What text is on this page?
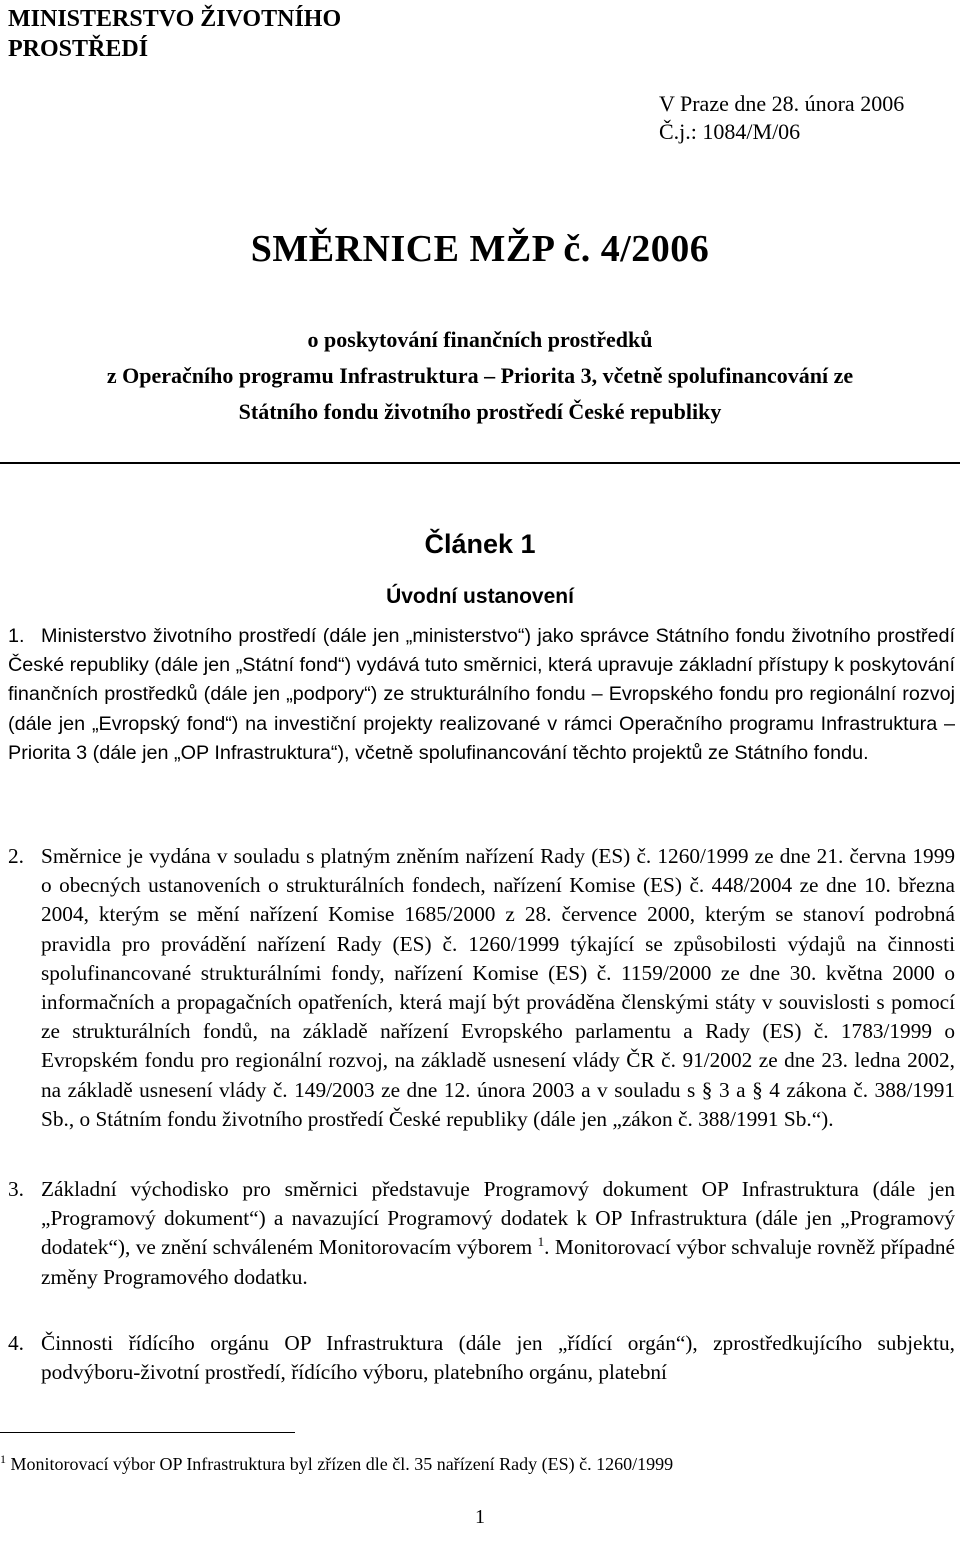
MINISTERSTVO ŽIVOTNÍHO
PROSTŘEDÍ
V Praze dne 28. února 2006
Č.j.: 1084/M/06
SMĚRNICE MŽP č. 4/2006
o poskytování finančních prostředků
z Operačního programu Infrastruktura – Priorita 3, včetně spolufinancování ze
Státního fondu životního prostředí České republiky
Článek 1
Úvodní ustanovení
1. Ministerstvo životního prostředí (dále jen „ministerstvo“) jako správce Státního fondu životního prostředí České republiky (dále jen „Státní fond“) vydává tuto směrnici, která upravuje základní přístupy k poskytování finančních prostředků (dále jen „podpory“) ze strukturálního fondu – Evropského fondu pro regionální rozvoj (dále jen „Evropský fond“) na investiční projekty realizované v rámci Operačního programu Infrastruktura – Priorita 3 (dále jen „OP Infrastruktura“), včetně spolufinancování těchto projektů ze Státního fondu.
2. Směrnice je vydána v souladu s platným zněním nařízení Rady (ES) č. 1260/1999 ze dne 21. června 1999 o obecných ustanoveních o strukturálních fondech, nařízení Komise (ES) č. 448/2004 ze dne 10. března 2004, kterým se mění nařízení Komise 1685/2000 z 28. července 2000, kterým se stanoví podrobná pravidla pro provádění nařízení Rady (ES) č. 1260/1999 týkající se způsobilosti výdajů na činnosti spolufinancované strukturálními fondy, nařízení Komise (ES) č. 1159/2000 ze dne 30. května 2000 o informačních a propagačních opatřeních, která mají být prováděna členskými státy v souvislosti s pomocí ze strukturálních fondů, na základě nařízení Evropského parlamentu a Rady (ES) č. 1783/1999 o Evropském fondu pro regionální rozvoj, na základě usnesení vlády ČR č. 91/2002 ze dne 23. ledna 2002, na základě usnesení vlády č. 149/2003 ze dne 12. února 2003 a v souladu s § 3 a § 4 zákona č. 388/1991 Sb., o Státním fondu životního prostředí České republiky (dále jen „zákon č. 388/1991 Sb.“).
3. Základní východisko pro směrnici představuje Programový dokument OP Infrastruktura (dále jen „Programový dokument“) a navazující Programový dodatek k OP Infrastruktura (dále jen „Programový dodatek“), ve znění schváleném Monitorovacím výborem $^1$. Monitorovací výbor schvaluje rovněž případné změny Programového dodatku.
4. Činnosti řídícího orgánu OP Infrastruktura (dále jen „řídící orgán“), zprostředkujícího subjektu, podvýboru-životní prostředí, řídícího výboru, platebního orgánu, platební
$^1$ Monitorovací výbor OP Infrastruktura byl zřízen dle čl. 35 nařízení Rady (ES) č. 1260/1999
1
